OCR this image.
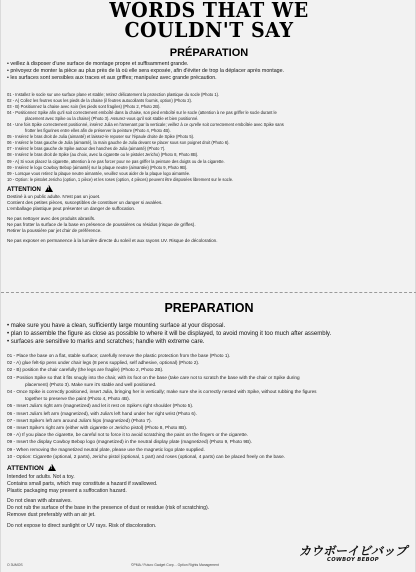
WORDS THAT WE
COULDN'T SAY
PRÉPARATION
• veillez à disposer d'une surface de montage propre et suffisamment grande.
• prévoyez de monter la pièce au plus près de là où elle sera exposée, afin d'éviter de trop la déplacer après montage.
• les surfaces sont sensibles aux traces et aux griffes; manipulez avec grande précaution.
01 - Installez le socle sur une surface plane et stable; retirez délicatement la protection plastique du socle (Photo 1).
02 - A) Collez les feutres sous les pieds de la chaise (il feutres autocollants fournis, option) (Photo 2).
03 - B) Positionnez la chaise avec soin (les pieds sont fragiles) (Photo 2, Photo 2B).
04 - Positionnez Spike afin qu'il soit correctement emboîté dans la chaise, son pied emboîté sur le socle (attention à ne pas griffer le socle durant le
placement avec Spike ou la chaise) (Photo 3). Assurez-vous qu'il soit stable et bien positionné.
04 - Une fois Spike correctement positionné, insérez Julia en l'amenant par la verticale; veillez à ce qu'elle soit correctement emboîtée avec Spike sans
frotter les figurines entre elles afin de préserver la peinture (Photo 4, Photo 4B).
05 - Insérez le bras droit de Julia (aimanté) et laissez-le reposer sur l'épaule droite de Spike (Photo 5).
06 - Insérez le bras gauche de Julia (aimanté), la main gauche de Julia devant se placer sous son poignet droit (Photo 6).
07 - Insérez le bras gauche de Spike autour des hanches de Julia (aimanté) (Photo 7).
08 - Insérez le bras droit de Spike (au choix, avec la cigarette ou le pistolet Jericho) (Photo 8, Photo 8B).
09 - A) Si vous placez la cigarette, attention à ne pas forcer pour ne pas griffer la peinture des doigts ou de la cigarette.
09 - Insérez le logo Cowboy Bebop (aimanté) sur la plaque neutre (aimantée) (Photo 9, Photo 9B).
09 - Lorsque vous retirez la plaque neutre aimantée, veuillez vous aider de la plaque logo aimantée.
10 - Option: le pistolet Jericho (option, 1 pièce) et les roses (option, 4 pièces) peuvent être disposées librement sur le socle.
ATTENTION !
Destiné à un public adulte. N'est pas un jouet.
Contient des petites pièces, susceptibles de constituer un danger si avalées.
L'emballage plastique peut présenter un danger de suffocation.
Ne pas nettoyer avec des produits abrasifs.
Ne pas frotter la surface de la base en présence de poussières ou résidus (risque de griffes).
Retirer la poussière par jet d'air de préférence.
Ne pas exposer en permanence à la lumière directe du soleil et aux rayons UV. Risque de décoloration.
PREPARATION
• make sure you have a clean, sufficiently large mounting surface at your disposal.
• plan to assemble the figure as close as possible to where it will be displayed, to avoid moving it too much after assembly.
• surfaces are sensitive to marks and scratches; handle with extreme care.
01 - Place the base on a flat, stable surface; carefully remove the plastic protection from the base (Photo 1).
02 - A) glue felt-tip pens under chair legs (8 pens supplied, self adhesive, optional) (Photo 2).
02 - B) position the chair carefully (the legs are fragile) (Photo 2, Photo 2B).
03 - Position Spike so that it fits snugly into the chair, with its foot on the base (take care not to scratch the base with the chair or Spike during
placement) (Photo 3). Make sure it's stable and well positioned.
04 - Once Spike is correctly positioned, insert Julia, bringing her in vertically; make sure she is correctly nested with Spike, without rubbing the figures
together to preserve the paint (Photo 4, Photo 4B).
05 - Insert Julia's right arm (magnetized) and let it rest on Spike's right shoulder (Photo 5).
06 - Insert Julia's left arm (magnetized), with Julia's left hand under her right wrist (Photo 6).
07 - Insert Spike's left arm around Julia's hips (magnetized) (Photo 7).
08 - Insert Spike's right arm (either with cigarette or Jericho pistol) (Photo 8, Photo 8B).
09 - A) If you place the cigarette, be careful not to force it to avoid scratching the paint on the fingers or the cigarette.
09 - Insert the display Cowboy Bebop logo (magnetized) in the neutral display plate (magnetized) (Photo 9, Photo 9B).
09 - When removing the magnetized neutral plate, please use the magnetic logo plate supplied.
10 - Option: Cigarette (optional, 2 parts), Jericho pistol (optional, 1 part) and roses (optional, 4 parts) can be placed freely on the base.
ATTENTION !
Intended for adults. Not a toy.
Contains small parts, which may constitute a hazard if swallowed.
Plastic packaging may present a suffocation hazard.
Do not clean with abrasives.
Do not rub the surface of the base in the presence of dust or residue (risk of scratching).
Remove dust preferably with an air jet.
Do not expose to direct sunlight or UV rays. Risk of discoloration.
O 3UMOS	©PMA / Futuro Gadget Corp. - Option Rights Management
カウボーイビバップ
COWBOY BEBOP
